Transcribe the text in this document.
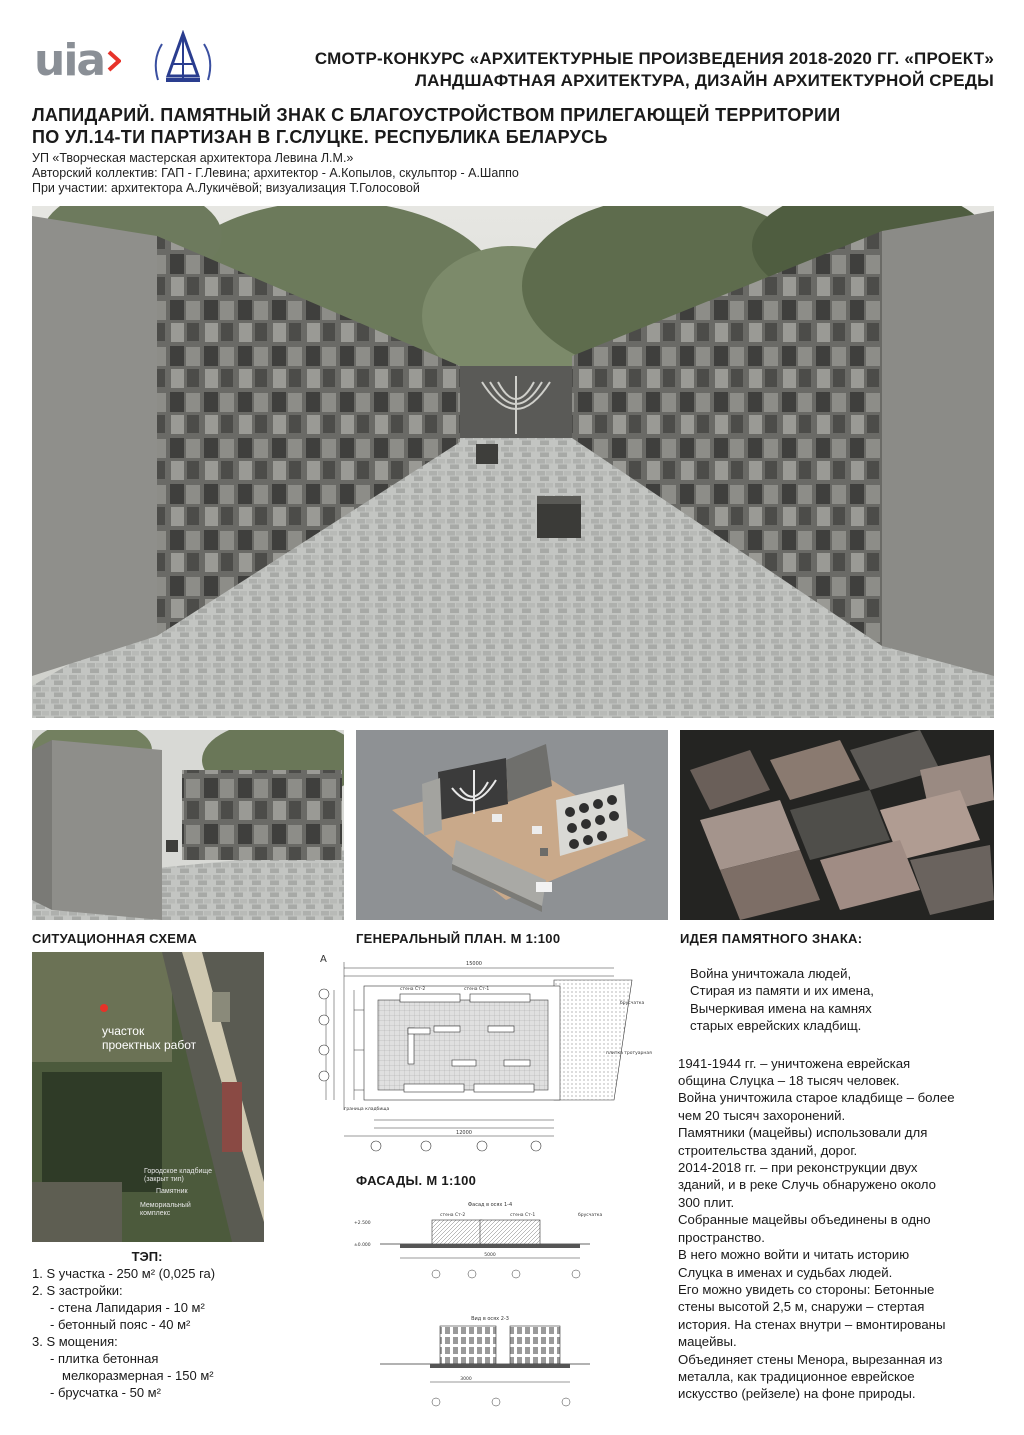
uia	СМОТР-КОНКУРС «АРХИТЕКТУРНЫЕ ПРОИЗВЕДЕНИЯ 2018-2020 ГГ. «ПРОЕКТ»
ЛАНДШАФТНАЯ АРХИТЕКТУРА, ДИЗАЙН АРХИТЕКТУРНОЙ СРЕДЫ
ЛАПИДАРИЙ. ПАМЯТНЫЙ ЗНАК С БЛАГОУСТРОЙСТВОМ ПРИЛЕГАЮЩЕЙ ТЕРРИТОРИИ
ПО УЛ.14-ТИ ПАРТИЗАН В Г.СЛУЦКЕ. РЕСПУБЛИКА БЕЛАРУСЬ
УП «Творческая мастерская архитектора Левина Л.М.»
Авторский коллектив: ГАП - Г.Левина; архитектор - А.Копылов, скульптор - А.Шаппо
При участии: архитектора А.Лукичёвой; визуализация Т.Голосовой
СИТУАЦИОННАЯ СХЕМА	ГЕНЕРАЛЬНЫЙ ПЛАН. М 1:100	ИДЕЯ ПАМЯТНОГО ЗНАКА:
участок
проектных работ
Городское кладбище
(закрыт тип)
Памятник
Мемориальный
комплекс
А	15000
12000
стена Ст-1
стена Ст-2
брусчатка
плитка тротуарная
граница кладбища
ФАСАДЫ. М 1:100
Фасад в осях 1-4
+2.500
±0.000
стена Ст-2	стена Ст-1	брусчатка
5000
Вид в осях 2-3
3000
ТЭП:
1. S участка - 250 м² (0,025 га)
2. S застройки:
- стена Лапидария - 10 м²
- бетонный пояс - 40 м²
3. S мощения:
- плитка бетонная
мелкоразмерная - 150 м²
- брусчатка - 50 м²
Война уничтожала людей,
Стирая из памяти и их имена,
Вычеркивая имена на камнях
старых еврейских кладбищ.
1941-1944 гг. – уничтожена еврейская
община Слуцка – 18 тысяч человек.
Война уничтожила старое кладбище – более
чем 20 тысяч захоронений.
Памятники (мацейвы) использовали для
строительства зданий, дорог.
2014-2018 гг. – при реконструкции двух
зданий, и в реке Случь обнаружено около
300 плит.
Собранные мацейвы объединены в одно
пространство.
В него можно войти и читать историю
Слуцка в именах и судьбах людей.
Его можно увидеть со стороны: Бетонные
стены высотой 2,5 м, снаружи – стертая
история. На стенах внутри – вмонтированы
мацейвы.
Объединяет стены Менора, вырезанная из
металла, как традиционное еврейское
искусство (рейзеле) на фоне природы.
